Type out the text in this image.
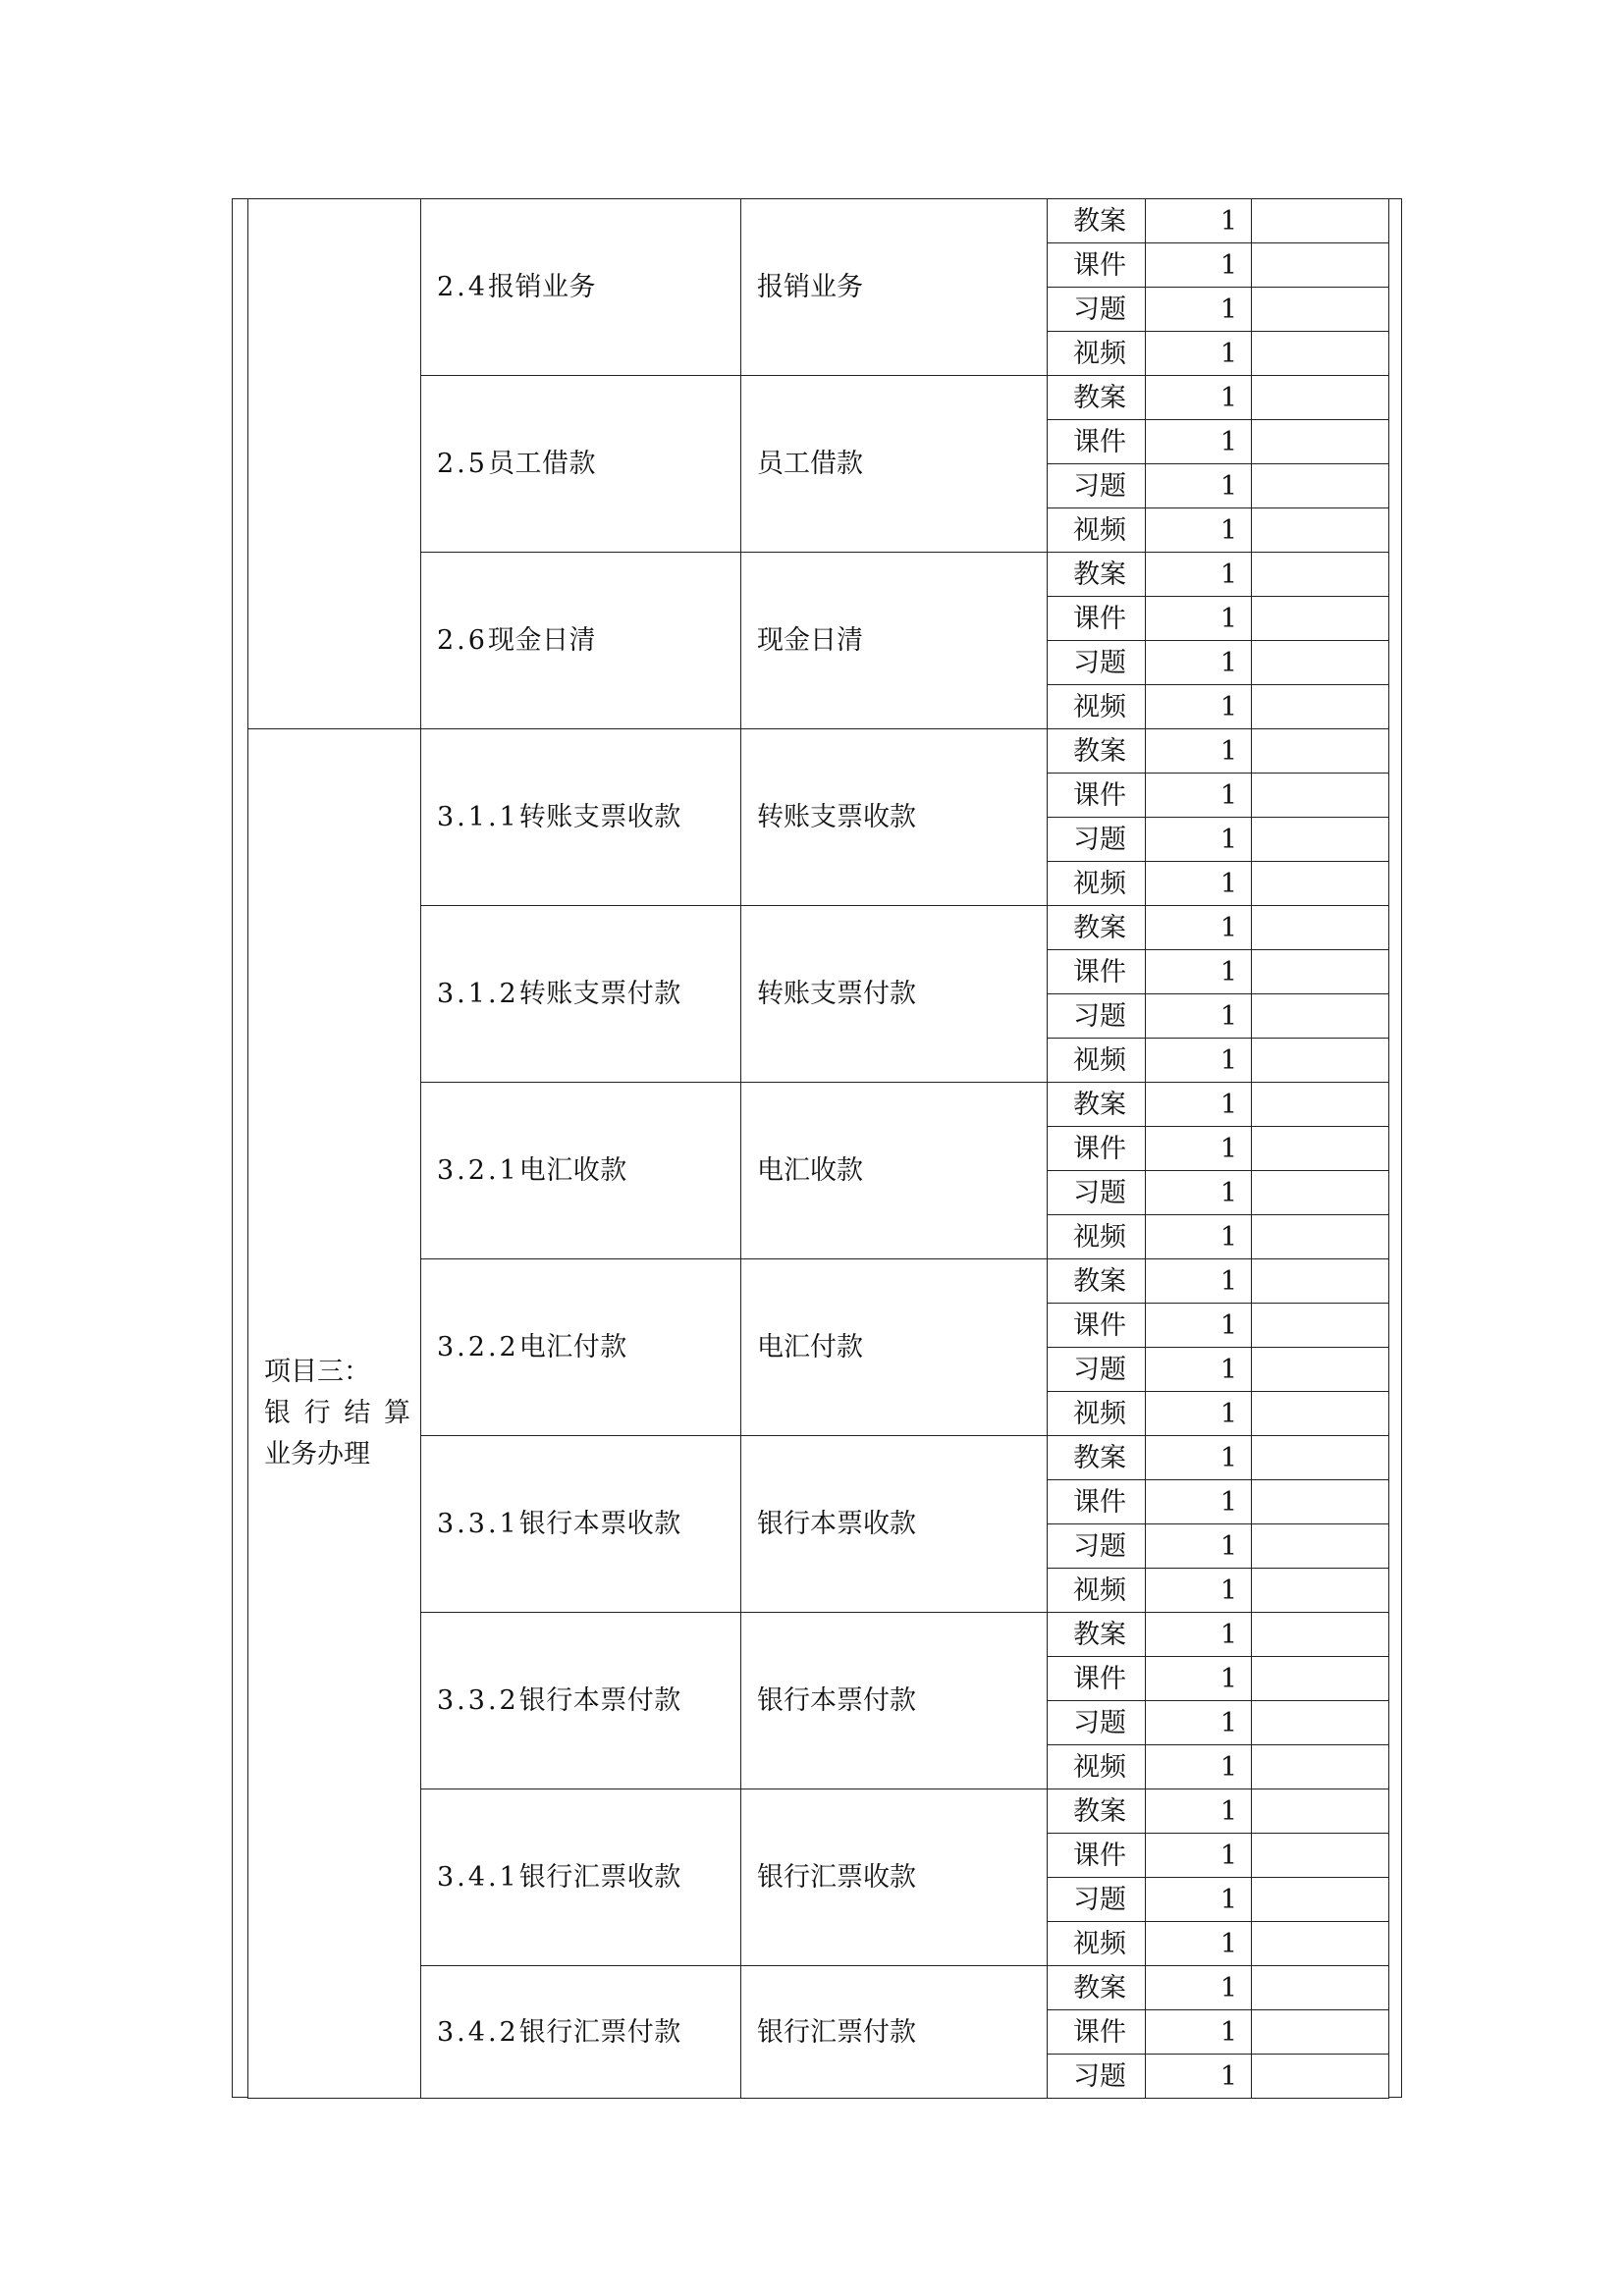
	2.4报销业务	报销业务	教案	1	
			课件	1	
			习题	1	
			视频	1	
	2.5员工借款	员工借款	教案	1	
			课件	1	
			习题	1	
			视频	1	
	2.6现金日清	现金日清	教案	1	
			课件	1	
			习题	1	
			视频	1	

项目三：
银 行 结 算
业务办理	3.1.1转账支票收款	转账支票收款	教案	1	
			课件	1	
			习题	1	
			视频	1	
	3.1.2转账支票付款	转账支票付款	教案	1	
			课件	1	
			习题	1	
			视频	1	
	3.2.1电汇收款	电汇收款	教案	1	
			课件	1	
			习题	1	
			视频	1	
	3.2.2电汇付款	电汇付款	教案	1	
			课件	1	
			习题	1	
			视频	1	
	3.3.1银行本票收款	银行本票收款	教案	1	
			课件	1	
			习题	1	
			视频	1	
	3.3.2银行本票付款	银行本票付款	教案	1	
			课件	1	
			习题	1	
			视频	1	
	3.4.1银行汇票收款	银行汇票收款	教案	1	
			课件	1	
			习题	1	
			视频	1	
	3.4.2银行汇票付款	银行汇票付款	教案	1	
			课件	1	
			习题	1	
